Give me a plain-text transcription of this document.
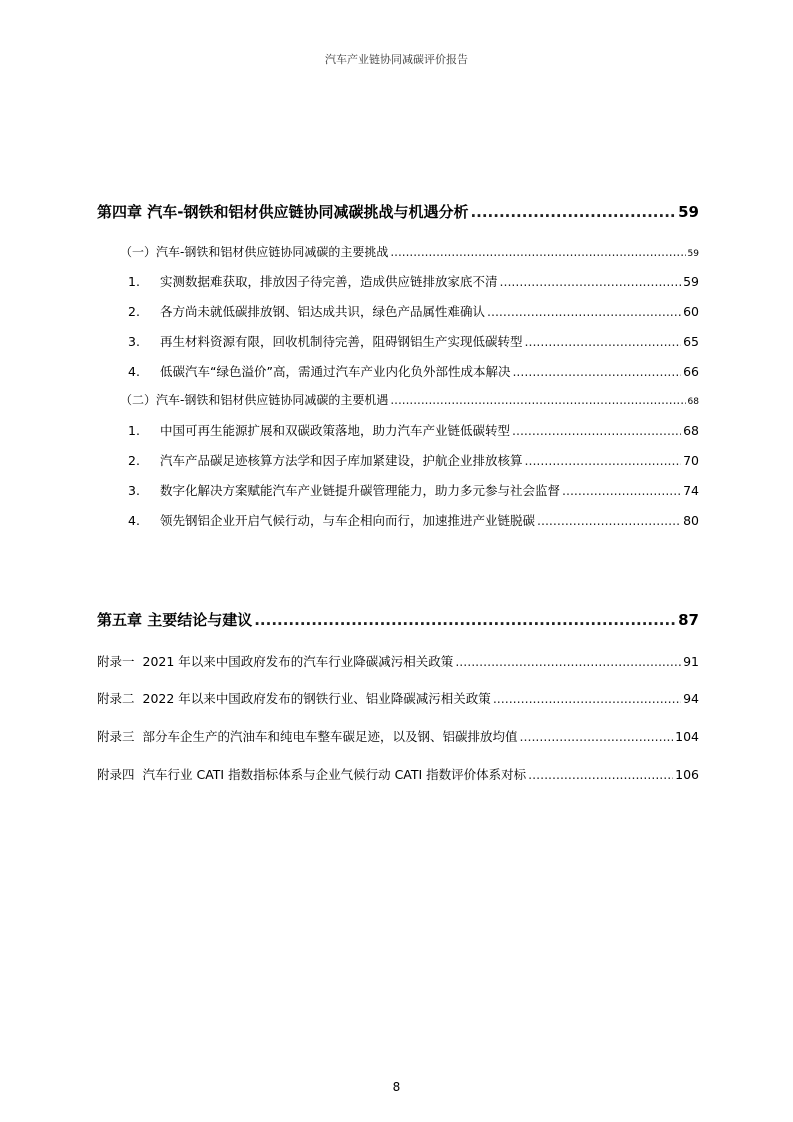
汽车产业链协同减碳评价报告
第四章 汽车-钢铁和铝材供应链协同减碳挑战与机遇分析 .....	59
（一）汽车-钢铁和铝材供应链协同减碳的主要挑战 .....	59
1.	实测数据难获取，排放因子待完善，造成供应链排放家底不清 .....	59
2.	各方尚未就低碳排放钢、铝达成共识，绿色产品属性难确认 .....	60
3.	再生材料资源有限，回收机制待完善，阻碍钢铝生产实现低碳转型 .....	65
4.	低碳汽车“绿色溢价”高，需通过汽车产业内化负外部性成本解决 .....	66
（二）汽车-钢铁和铝材供应链协同减碳的主要机遇 .....	68
1.	中国可再生能源扩展和双碳政策落地，助力汽车产业链低碳转型 .....	68
2.	汽车产品碳足迹核算方法学和因子库加紧建设，护航企业排放核算 .....	70
3.	数字化解决方案赋能汽车产业链提升碳管理能力，助力多元参与社会监督 .....	74
4.	领先钢铝企业开启气候行动，与车企相向而行，加速推进产业链脱碳 .....	80
第五章 主要结论与建议 .....	87
附录一 2021 年以来中国政府发布的汽车行业降碳减污相关政策 .....	91
附录二 2022 年以来中国政府发布的钢铁行业、铝业降碳减污相关政策 .....	94
附录三 部分车企生产的汽油车和纯电车整车碳足迹，以及钢、铝碳排放均值 .....	104
附录四 汽车行业 CATI 指数指标体系与企业气候行动 CATI 指数评价体系对标 .....	106
8
